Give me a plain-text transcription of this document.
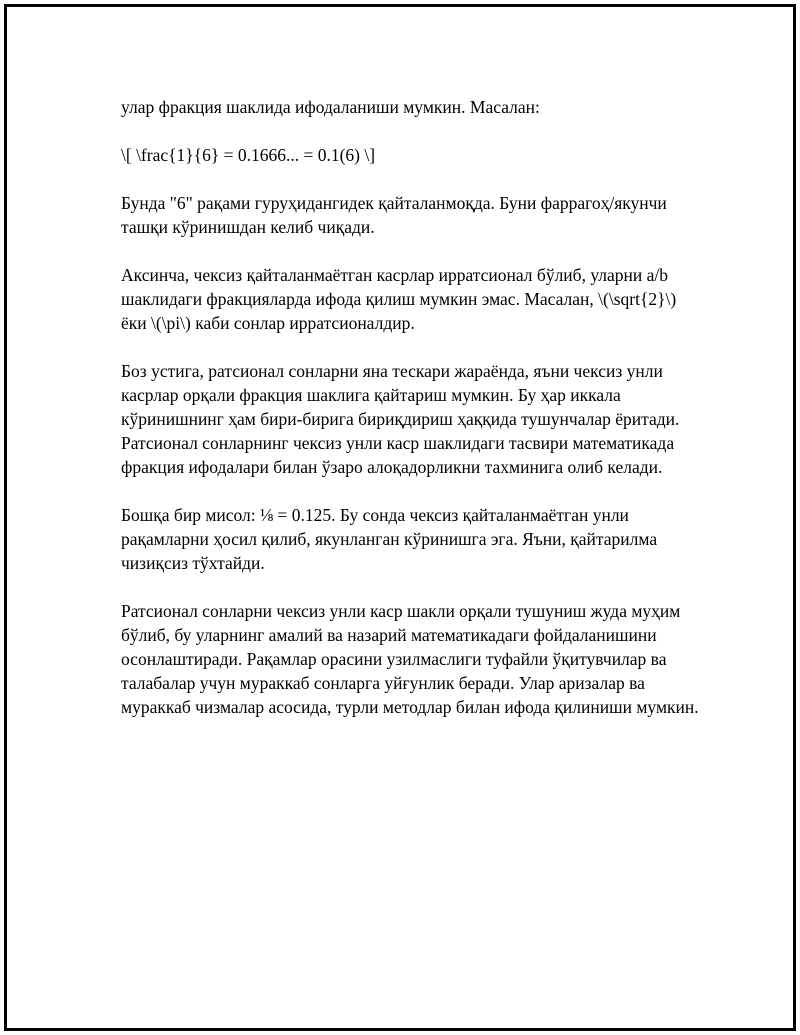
улар фракция шаклида ифодаланиши мумкин. Масалан:

\[ \frac{1}{6} = 0.1666... = 0.1(6) \]

Бунда "6" рақами гуруҳидангидек қайталанмоқда. Буни фаррагоҳ/якунчи ташқи кўринишдан келиб чиқади.

Аксинча, чексиз қайталанмаётган касрлар ирратсионал бўлиб, уларни a/b шаклидаги фракцияларда ифода қилиш мумкин эмас. Масалан, \(\sqrt{2}\) ёки \(\pi\) каби сонлар ирратсионалдир.

Боз устига, ратсионал сонларни яна тескари жараёнда, яъни чексиз унли касрлар орқали фракция шаклига қайтариш мумкин. Бу ҳар иккала кўринишнинг ҳам бири-бирига бириқдириш ҳаққида тушунчалар ёритади. Ратсионал сонларнинг чексиз унли каср шаклидаги тасвири математикада фракция ифодалари билан ўзаро алоқадорликни тахминига олиб келади.

Бошқа бир мисол: ⅛ = 0.125. Бу сонда чексиз қайталанмаётган унли рақамларни ҳосил қилиб, якунланган кўринишга эга. Яъни, қайтарилма чизиқсиз тўхтайди.

Ратсионал сонларни чексиз унли каср шакли орқали тушуниш жуда муҳим бўлиб, бу уларнинг амалий ва назарий математикадаги фойдаланишини осонлаштиради. Рақамлар орасини узилмаслиги туфайли ўқитувчилар ва талабалар учун мураккаб сонларга уйғунлик беради. Улар аризалар ва мураккаб чизмалар асосида, турли методлар билан ифода қилиниши мумкин.
